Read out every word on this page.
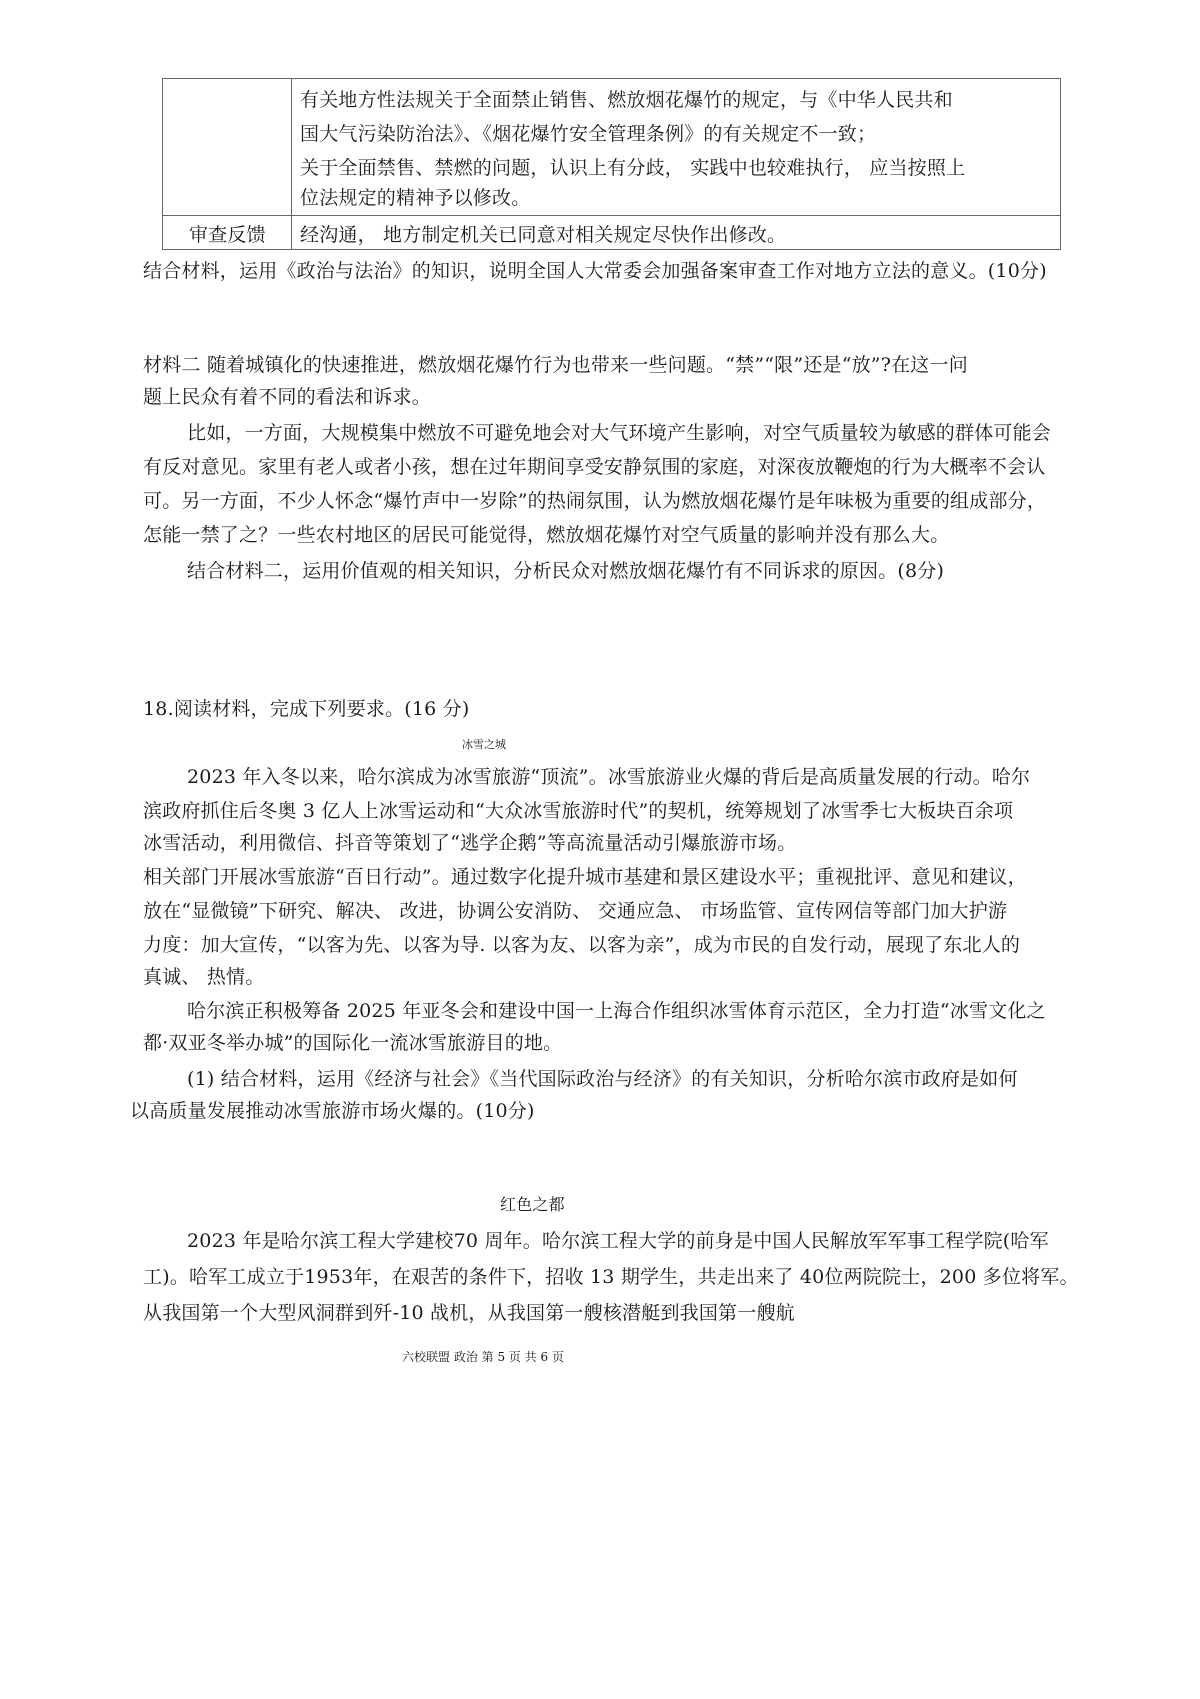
有关地方性法规关于全面禁止销售、燃放烟花爆竹的规定，与《中华人民共和
国大气污染防治法》、《烟花爆竹安全管理条例》的有关规定不一致；
关于全面禁售、禁燃的问题，认识上有分歧， 实践中也较难执行， 应当按照上
位法规定的精神予以修改。
审查反馈 经沟通， 地方制定机关已同意对相关规定尽快作出修改。
结合材料，运用《政治与法治》的知识，说明全国人大常委会加强备案审查工作对地方立法的意义。(10分)
材料二 随着城镇化的快速推进，燃放烟花爆竹行为也带来一些问题。“禁”“限”还是“放”?在这一问
题上民众有着不同的看法和诉求。
比如，一方面，大规模集中燃放不可避免地会对大气环境产生影响，对空气质量较为敏感的群体可能会
有反对意见。家里有老人或者小孩，想在过年期间享受安静氛围的家庭，对深夜放鞭炮的行为大概率不会认
可。另一方面，不少人怀念“爆竹声中一岁除”的热闹氛围，认为燃放烟花爆竹是年味极为重要的组成部分，
怎能一禁了之？一些农村地区的居民可能觉得，燃放烟花爆竹对空气质量的影响并没有那么大。
结合材料二，运用价值观的相关知识，分析民众对燃放烟花爆竹有不同诉求的原因。(8分)
18.阅读材料，完成下列要求。(16 分)
冰雪之城
2023 年入冬以来，哈尔滨成为冰雪旅游“顶流”。冰雪旅游业火爆的背后是高质量发展的行动。哈尔
滨政府抓住后冬奥 3 亿人上冰雪运动和“大众冰雪旅游时代”的契机，统筹规划了冰雪季七大板块百余项
冰雪活动，利用微信、抖音等策划了“逃学企鹅”等高流量活动引爆旅游市场。
相关部门开展冰雪旅游“百日行动”。通过数字化提升城市基建和景区建设水平；重视批评、意见和建议，
放在“显微镜”下研究、解决、 改进，协调公安消防、 交通应急、 市场监管、宣传网信等部门加大护游
力度：加大宣传，“以客为先、以客为导. 以客为友、以客为亲”，成为市民的自发行动，展现了东北人的
真诚、 热情。
哈尔滨正积极筹备 2025 年亚冬会和建设中国一上海合作组织冰雪体育示范区，全力打造“冰雪文化之
都·双亚冬举办城”的国际化一流冰雪旅游目的地。
(1) 结合材料，运用《经济与社会》《当代国际政治与经济》的有关知识，分析哈尔滨市政府是如何
以高质量发展推动冰雪旅游市场火爆的。(10分)
红色之都
2023 年是哈尔滨工程大学建校70 周年。哈尔滨工程大学的前身是中国人民解放军军事工程学院(哈军
工)。哈军工成立于1953年，在艰苦的条件下，招收 13 期学生，共走出来了 40位两院院士，200 多位将军。
从我国第一个大型风洞群到歼-10 战机，从我国第一艘核潜艇到我国第一艘航
六校联盟 政治 第 5 页 共 6 页
